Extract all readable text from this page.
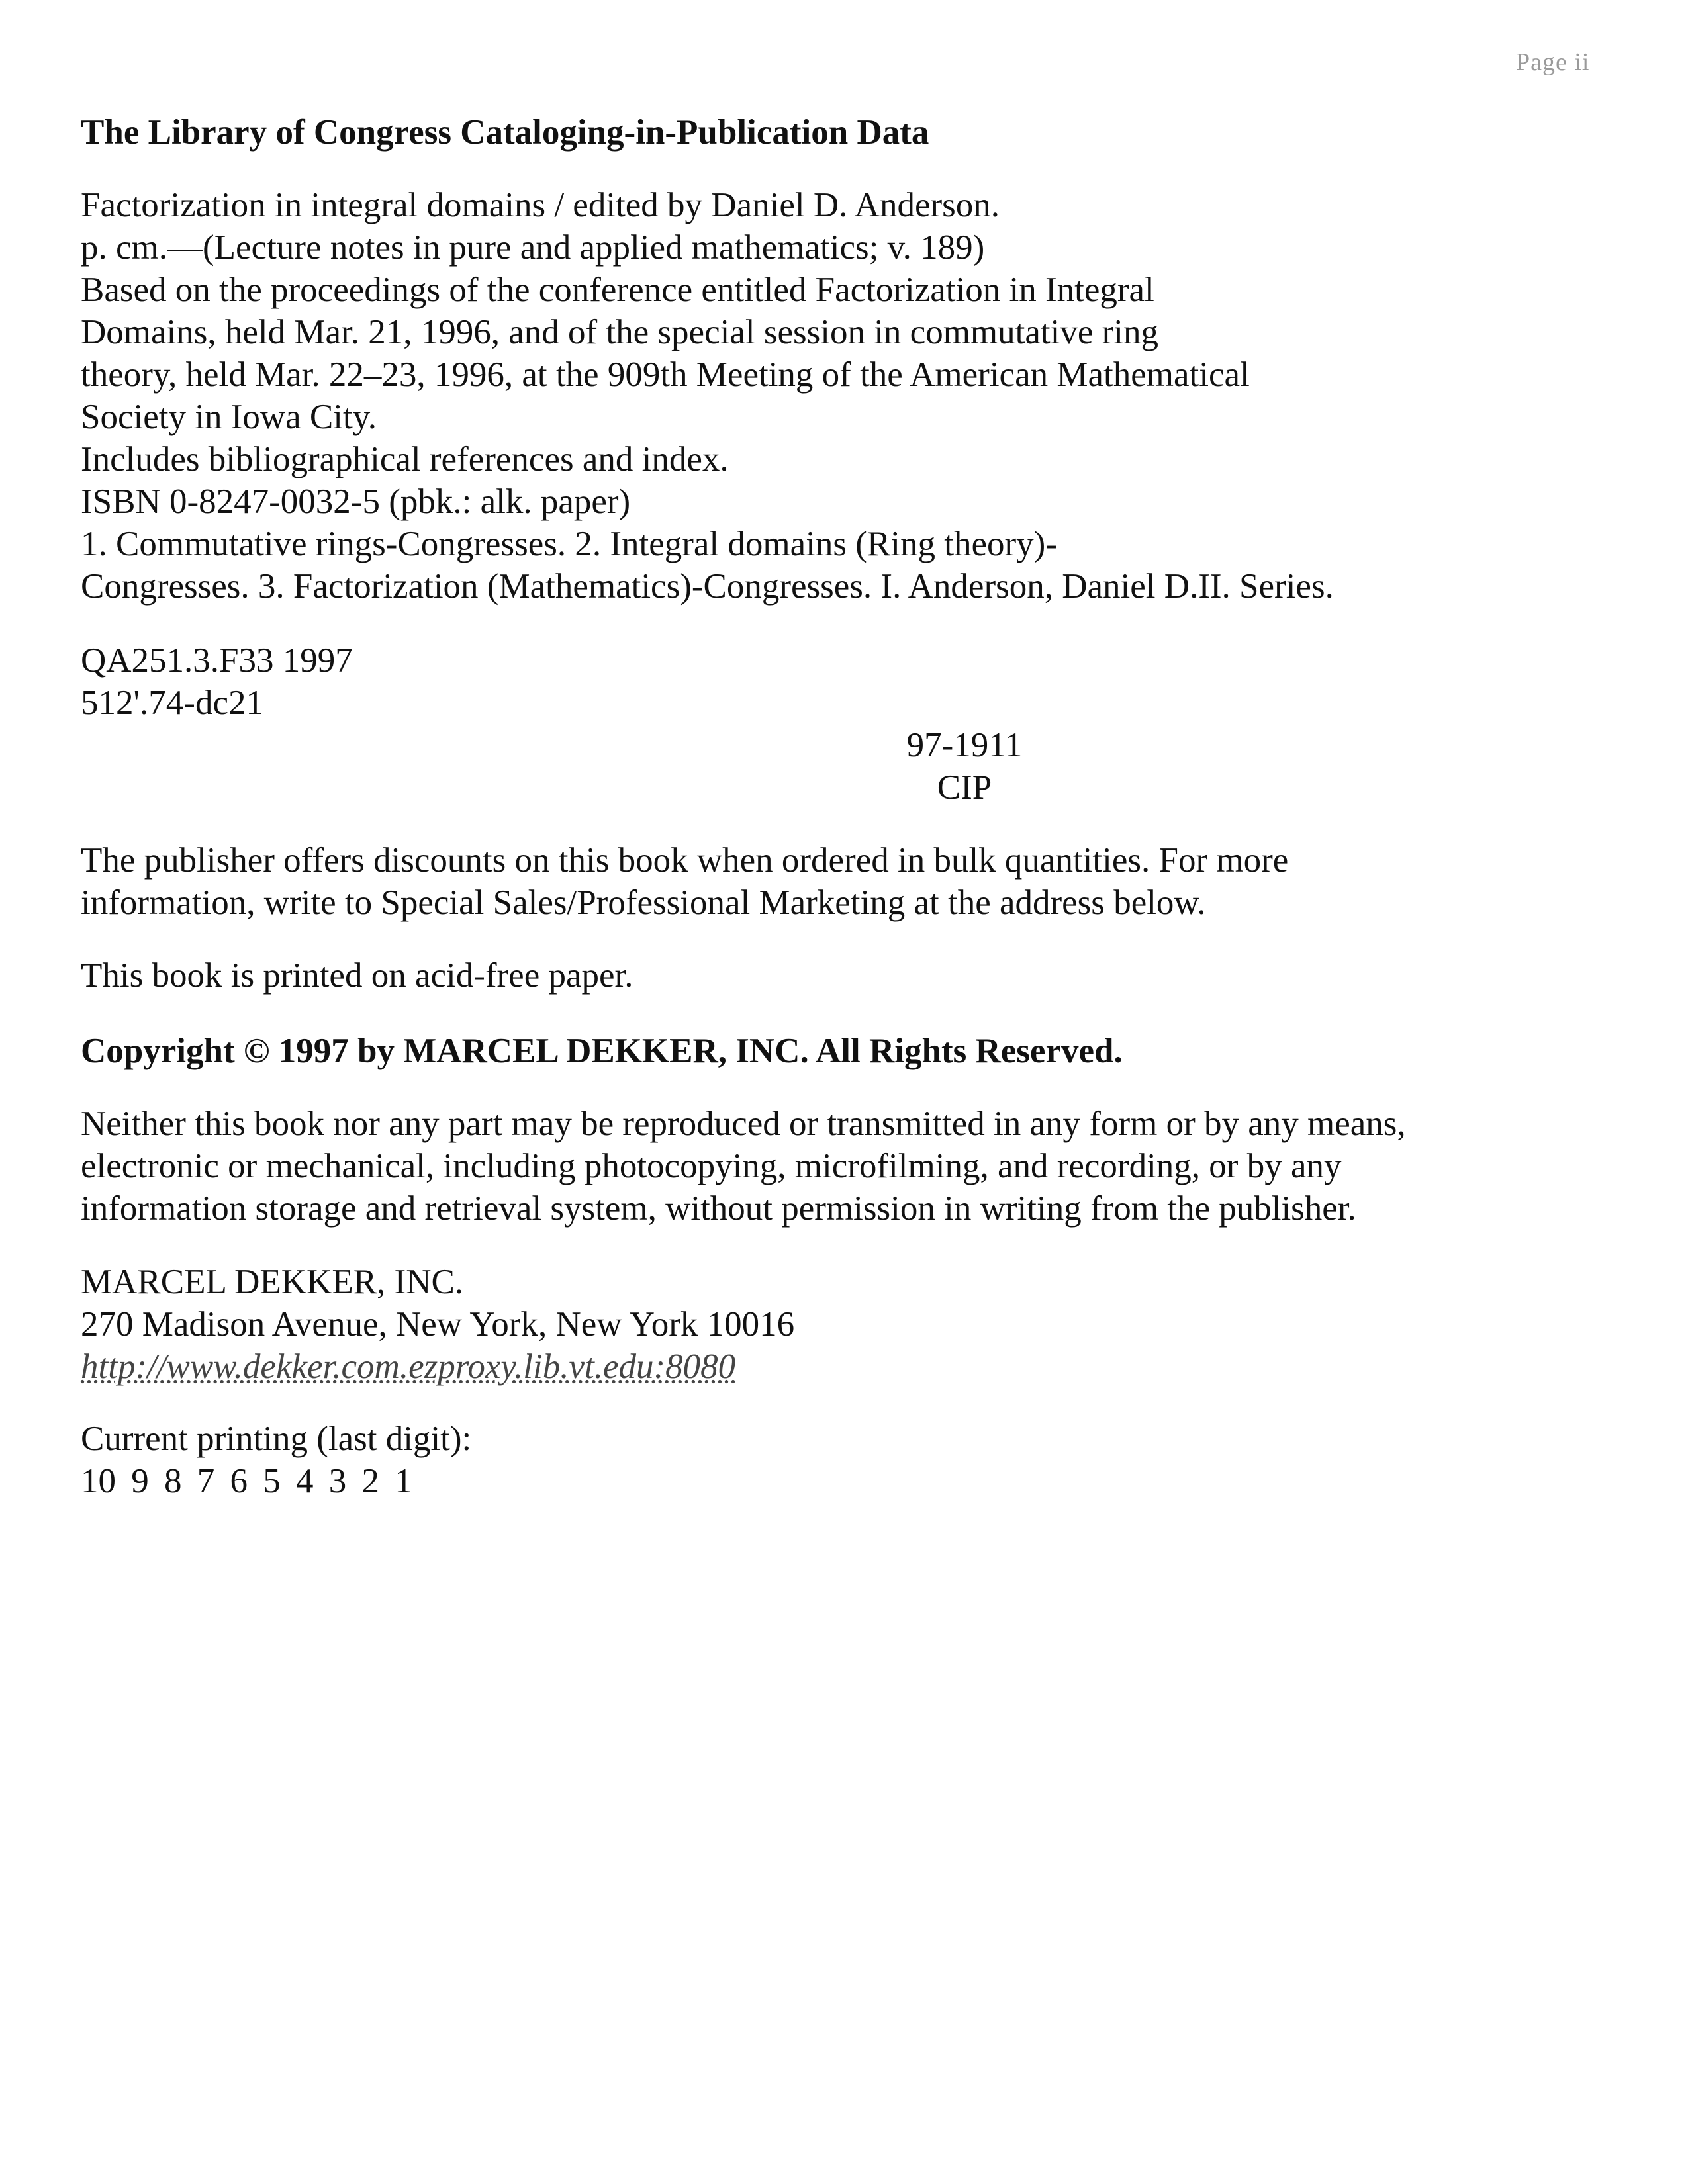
Page ii
The Library of Congress Cataloging-in-Publication Data
Factorization in integral domains / edited by Daniel D. Anderson.
p. cm.—(Lecture notes in pure and applied mathematics; v. 189)
Based on the proceedings of the conference entitled Factorization in Integral
Domains, held Mar. 21, 1996, and of the special session in commutative ring
theory, held Mar. 22–23, 1996, at the 909th Meeting of the American Mathematical
Society in Iowa City.
Includes bibliographical references and index.
ISBN 0-8247-0032-5 (pbk.: alk. paper)
1. Commutative rings-Congresses. 2. Integral domains (Ring theory)-
Congresses. 3. Factorization (Mathematics)-Congresses. I. Anderson, Daniel D.II. Series.
QA251.3.F33 1997
512'.74-dc21
97-1911
CIP
The publisher offers discounts on this book when ordered in bulk quantities. For more
information, write to Special Sales/Professional Marketing at the address below.
This book is printed on acid-free paper.
Copyright © 1997 by MARCEL DEKKER, INC. All Rights Reserved.
Neither this book nor any part may be reproduced or transmitted in any form or by any means,
electronic or mechanical, including photocopying, microfilming, and recording, or by any
information storage and retrieval system, without permission in writing from the publisher.
MARCEL DEKKER, INC.
270 Madison Avenue, New York, New York 10016
http://www.dekker.com.ezproxy.lib.vt.edu:8080
Current printing (last digit):
10 9 8 7 6 5 4 3 2 1
